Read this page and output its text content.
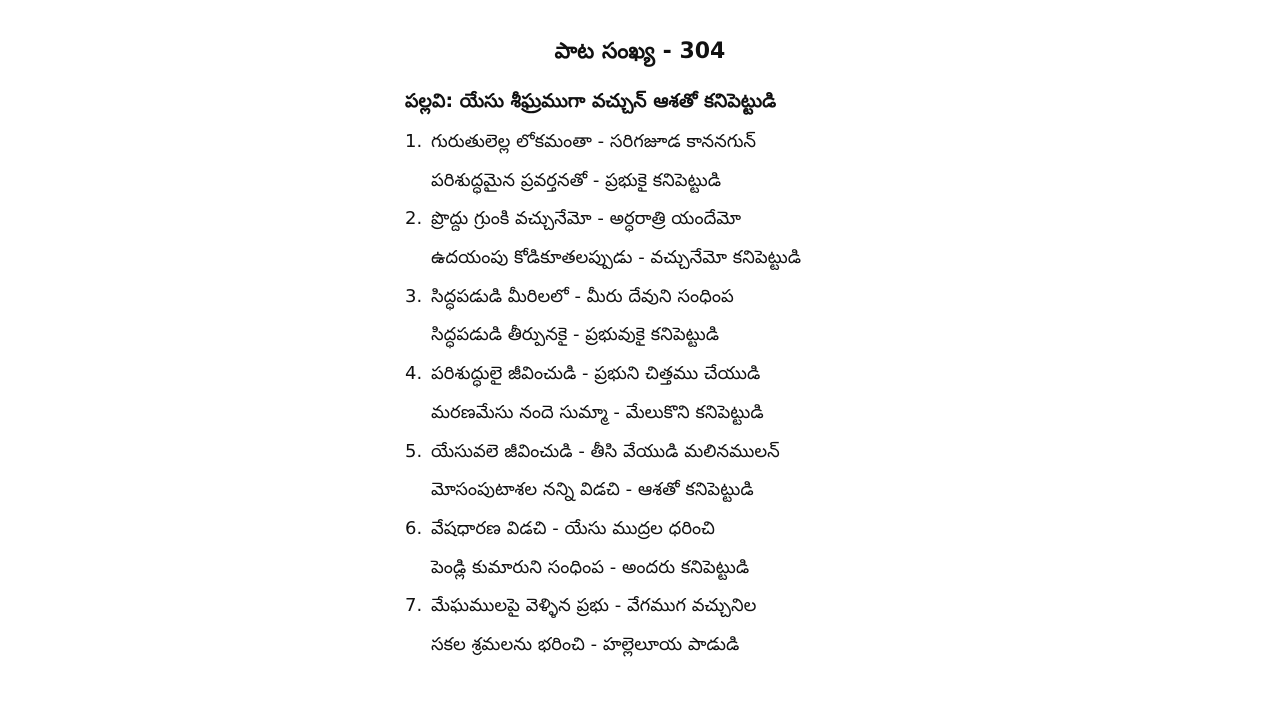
పాట సంఖ్య - 304
పల్లవి: యేసు శీఘ్రముగా వచ్చున్ ఆశతో కనిపెట్టుడి
1. గురుతులెల్ల లోకమంతా - సరిగజూడ కాననగున్
పరిశుద్ధమైన ప్రవర్తనతో - ప్రభుకై కనిపెట్టుడి
2. ప్రొద్దు గ్రుంకి వచ్చునేమో - అర్ధరాత్రి యందేమో
ఉదయంపు కోడికూతలప్పుడు - వచ్చునేమో కనిపెట్టుడి
3. సిద్ధపడుడి మీరిలలో - మీరు దేవుని సంధింప
సిద్ధపడుడి తీర్పునకై - ప్రభువుకై కనిపెట్టుడి
4. పరిశుద్ధులై జీవించుడి - ప్రభుని చిత్తము చేయుడి
మరణమేసు నందె సుమ్మా - మేలుకొని కనిపెట్టుడి
5. యేసువలె జీవించుడి - తీసి వేయుడి మలినములన్
మోసంపుటాశల నన్ని విడచి - ఆశతో కనిపెట్టుడి
6. వేషధారణ విడచి - యేసు ముద్రల ధరించి
పెండ్లి కుమారుని సంధింప - అందరు కనిపెట్టుడి
7. మేఘములపై వెళ్ళిన ప్రభు - వేగముగ వచ్చునిల
సకల శ్రమలను భరించి - హల్లెలూయ పాడుడి
